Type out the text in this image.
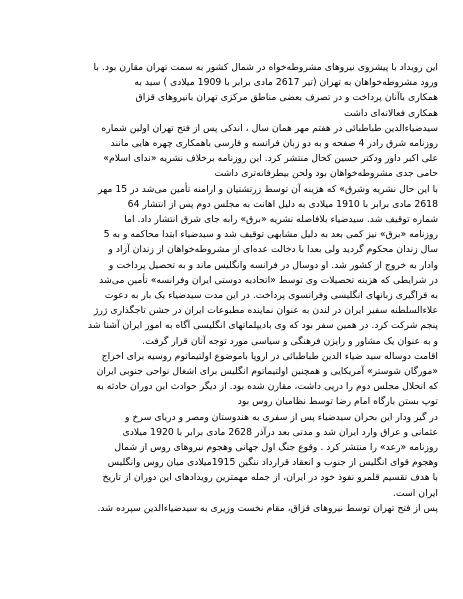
این رویداد با پیشروی نیروهای مشروطه‌خواه در شمال کشور به سمت تهران مقارن بود. با

ورود مشروطه‌خواهان به تهران (تیر 2617 مادی برابر با 1909 میلادی ) سید به

همکاری باآنان پرداخت و در تصرف بعضی مناطق مرکزی تهران بانیروهای قزاق

همکاری فعالانه‌ای داشت

سیدضیاءالدین طباطبائی در هفتم مهر همان سال ، اندکی پس از فتح تهران اولین شماره

روزنامه شرق رادر 4 صفحه و به دو زبان فرانسه و فارسی باهمکاری چهره هایی مانند

علی اکبر داور ودکتر حسین کحال منتشر کرد. این روزنامه برخلاف نشریه «ندای اسلام»

حامی جدی مشروطه‌خواهان بود ولحن بیطرفانه‌تری داشت

با این حال نشریه وشرق» که هزینه آن توسط زرتشتیان و ارامنه تأمین می‌شد در 15 مهر

2618 مادی برابر با 1910 میلادی به دلیل اهانت به مجلس دوم پس از انتشار 64

شماره توقیف شد. سیدضیاء بلافاصله نشریه «برق» رابه جای شرق انتشار داد. اما

روزنامه «برق» نیز کمی بعد به دلیل مشابهی توقیف شد و سیدضیاء ابتدا محاکمه و به 5

سال زندان محکوم گردید ولی بعدا با دخالت عده‌ای از مشروطه‌خواهان از زندان آزاد و

وادار به خروج از کشور شد. او دوسال در فرانسه وانگلیس ماند و به تحصیل پرداخت و

در شرایطی که هزینه تحصیلات وی توسط «اتحادیه دوستی ایران وفرانسه» تأمین می‌شد

به فراگیری زبانهای انگلیسی وفرانسوی پرداخت. در این مدت سیدضیاء یک بار به دعوت

علاءالسلطنه سفیر ایران در لندن به عنوان نماینده مطبوعات ایران در جشن تاجگذاری ژرژ

پنجم شرکت کرد. در همین سفر بود که وی بادیپلماتهای انگلیسی آگاه به امور ایران آشنا شد

و به عنوان یک مشاور و رایزن فرهنگی و سیاسی مورد توجه آنان قرار گرفت.

اقامت دوساله سید ضیاء الدین طباطبائی در اروپا باموضوع اولتیماتوم روسیه برای اخراج

«مورگان شوستر» آمریکایی و همچنین اولتیماتوم انگلیس برای اشغال نواحی جنوبی ایران

که انحلال مجلس دوم را درپی داشت، مقارن شده بود. از دیگر حوادث این دوران حادثه به

توپ بستن بارگاه امام رضا توسط نظامیان روس بود

در گیر ودار این بحران سیدضیاء پس از سفری به هندوستان ومصر و دریای سرخ و

عثمانی و عراق وارد ایران شد و مدتی بعد درآذر 2628 مادی برابر با 1920 میلادی

روزنامه «رعد» را منتشر کرد . وقوع جنگ اول جهانی وهجوم نیروهای روس از شمال

وهجوم قوای انگلیس از جنوب و انعقاد قرارداد ننگین 1915میلادی میان روس وانگلیس

با هدف تقسیم قلمرو نفوذ خود در ایران، از جمله مهمترین رویدادهای این دوران از تاریخ

ایران است.

پس از فتح تهران توسط نیروهای قزاق، مقام نخست وزیری به سیدضیاءالدین سپرده شد.
